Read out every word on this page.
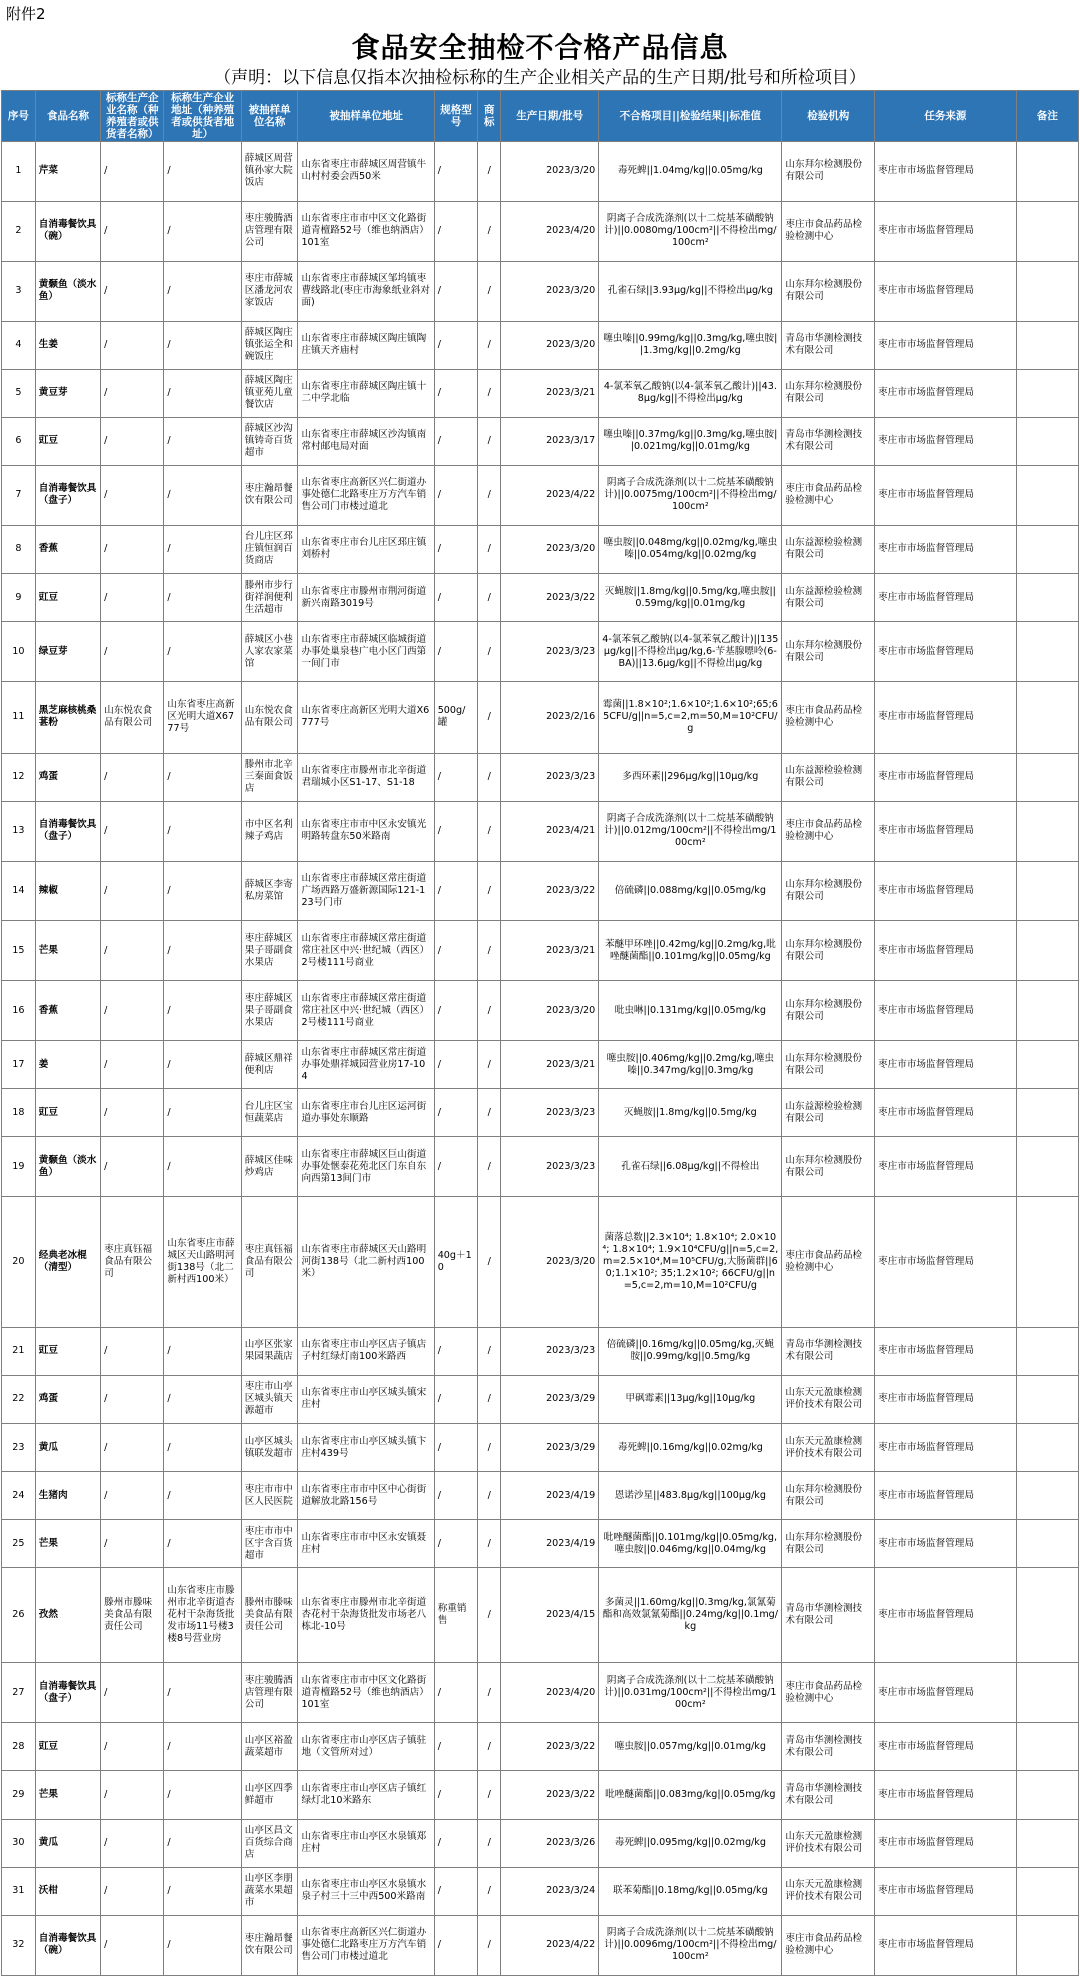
附件2
食品安全抽检不合格产品信息
（声明：以下信息仅指本次抽检标称的生产企业相关产品的生产日期/批号和所检项目）
序号	食品名称	标称生产企业名称（种养殖者或供货者名称）	标称生产企业地址（种养殖者或供货者地址）	被抽样单位名称	被抽样单位地址	规格型号	商标	生产日期/批号	不合格项目||检验结果||标准值	检验机构	任务来源	备注
1	芹菜	/	/	薛城区周营镇孙家大院饭店	山东省枣庄市薛城区周营镇牛山村村委会西50米	/	/	2023/3/20	毒死蜱||1.04mg/kg||0.05mg/kg	山东拜尔检测股份有限公司	枣庄市市场监督管理局	
2	自消毒餐饮具（碗）	/	/	枣庄骏腾酒店管理有限公司	山东省枣庄市市中区文化路街道青檀路52号（维也纳酒店）101室	/	/	2023/4/20	阴离子合成洗涤剂(以十二烷基苯磺酸钠计)||0.0080mg/100cm²||不得检出mg/100cm²	枣庄市食品药品检验检测中心	枣庄市市场监督管理局	
3	黄颡鱼（淡水鱼）	/	/	枣庄市薛城区潘龙河农家饭店	山东省枣庄市薛城区邹坞镇枣曹线路北(枣庄市海象纸业斜对面)	/	/	2023/3/20	孔雀石绿||3.93μg/kg||不得检出μg/kg	山东拜尔检测股份有限公司	枣庄市市场监督管理局	
4	生姜	/	/	薛城区陶庄镇张运全和碗饭庄	山东省枣庄市薛城区陶庄镇陶庄镇天齐庙村	/	/	2023/3/20	噻虫嗪||0.99mg/kg||0.3mg/kg,噻虫胺||1.3mg/kg||0.2mg/kg	青岛市华测检测技术有限公司	枣庄市市场监督管理局	
5	黄豆芽	/	/	薛城区陶庄镇亚苑儿童餐饮店	山东省枣庄市薛城区陶庄镇十二中学北临	/	/	2023/3/21	4-氯苯氧乙酸钠(以4-氯苯氧乙酸计)||43.8μg/kg||不得检出μg/kg	山东拜尔检测股份有限公司	枣庄市市场监督管理局	
6	豇豆	/	/	薛城区沙沟镇铸奇百货超市	山东省枣庄市薛城区沙沟镇南常村邮电局对面	/	/	2023/3/17	噻虫嗪||0.37mg/kg||0.3mg/kg,噻虫胺||0.021mg/kg||0.01mg/kg	青岛市华测检测技术有限公司	枣庄市市场监督管理局	
7	自消毒餐饮具（盘子）	/	/	枣庄瀚昂餐饮有限公司	山东省枣庄高新区兴仁街道办事处德仁北路枣庄万方汽车销售公司门市楼过道北	/	/	2023/4/22	阴离子合成洗涤剂(以十二烷基苯磺酸钠计)||0.0075mg/100cm²||不得检出mg/100cm²	枣庄市食品药品检验检测中心	枣庄市市场监督管理局	
8	香蕉	/	/	台儿庄区邳庄镇恒润百货商店	山东省枣庄市台儿庄区邳庄镇刘桥村	/	/	2023/3/20	噻虫胺||0.048mg/kg||0.02mg/kg,噻虫嗪||0.054mg/kg||0.02mg/kg	山东益源检验检测有限公司	枣庄市市场监督管理局	
9	豇豆	/	/	滕州市步行街祥润便利生活超市	山东省枣庄市滕州市荆河街道新兴南路3019号	/	/	2023/3/22	灭蝇胺||1.8mg/kg||0.5mg/kg,噻虫胺||0.59mg/kg||0.01mg/kg	山东益源检验检测有限公司	枣庄市市场监督管理局	
10	绿豆芽	/	/	薛城区小巷人家农家菜馆	山东省枣庄市薛城区临城街道办事处巢泉巷广电小区门西第一间门市	/	/	2023/3/23	4-氯苯氧乙酸钠(以4-氯苯氧乙酸计)||135μg/kg||不得检出μg/kg,6-苄基腺嘌呤(6-BA)||13.6μg/kg||不得检出μg/kg	山东拜尔检测股份有限公司	枣庄市市场监督管理局	
11	黑芝麻核桃桑葚粉	山东悦农食品有限公司	山东省枣庄高新区光明大道X6777号	山东悦农食品有限公司	山东省枣庄高新区光明大道X6777号	500g/罐	/	2023/2/16	霉菌||1.8×10²;1.6×10²;1.6×10²;65;65CFU/g||n=5,c=2,m=50,M=10²CFU/g	枣庄市食品药品检验检测中心	枣庄市市场监督管理局	
12	鸡蛋	/	/	滕州市北辛三秦面食饭店	山东省枣庄市滕州市北辛街道君瑞城小区S1-17、S1-18	/	/	2023/3/23	多西环素||296μg/kg||10μg/kg	山东益源检验检测有限公司	枣庄市市场监督管理局	
13	自消毒餐饮具（盘子）	/	/	市中区名利辣子鸡店	山东省枣庄市市中区永安镇光明路转盘东50米路南	/	/	2023/4/21	阴离子合成洗涤剂(以十二烷基苯磺酸钠计)||0.012mg/100cm²||不得检出mg/100cm²	枣庄市食品药品检验检测中心	枣庄市市场监督管理局	
14	辣椒	/	/	薛城区李寄私房菜馆	山东省枣庄市薛城区常庄街道广场西路万盛新源国际121-123号门市	/	/	2023/3/22	倍硫磷||0.088mg/kg||0.05mg/kg	山东拜尔检测股份有限公司	枣庄市市场监督管理局	
15	芒果	/	/	枣庄薛城区果子哥副食水果店	山东省枣庄市薛城区常庄街道常庄社区中兴·世纪城（西区）2号楼111号商业	/	/	2023/3/21	苯醚甲环唑||0.42mg/kg||0.2mg/kg,吡唑醚菌酯||0.101mg/kg||0.05mg/kg	山东拜尔检测股份有限公司	枣庄市市场监督管理局	
16	香蕉	/	/	枣庄薛城区果子哥副食水果店	山东省枣庄市薛城区常庄街道常庄社区中兴·世纪城（西区）2号楼111号商业	/	/	2023/3/20	吡虫啉||0.131mg/kg||0.05mg/kg	山东拜尔检测股份有限公司	枣庄市市场监督管理局	
17	姜	/	/	薛城区鼎祥便利店	山东省枣庄市薛城区常庄街道办事处鼎祥城园营业房17-104	/	/	2023/3/21	噻虫胺||0.406mg/kg||0.2mg/kg,噻虫嗪||0.347mg/kg||0.3mg/kg	山东拜尔检测股份有限公司	枣庄市市场监督管理局	
18	豇豆	/	/	台儿庄区宝恒蔬菜店	山东省枣庄市台儿庄区运河街道办事处东顺路	/	/	2023/3/23	灭蝇胺||1.8mg/kg||0.5mg/kg	山东益源检验检测有限公司	枣庄市市场监督管理局	
19	黄颡鱼（淡水鱼）	/	/	薛城区佳味炒鸡店	山东省枣庄市薛城区巨山街道办事处惬泰花苑北区门东自东向西第13间门市	/	/	2023/3/23	孔雀石绿||6.08μg/kg||不得检出	山东拜尔检测股份有限公司	枣庄市市场监督管理局	
20	经典老冰棍（清型）	枣庄真钰福食品有限公司	山东省枣庄市薛城区天山路明河街138号（北二新村西100米）	枣庄真钰福食品有限公司	山东省枣庄市薛城区天山路明河街138号（北二新村西100米）	40g＋10	/	2023/3/20	菌落总数||2.3×10⁴; 1.8×10⁴; 2.0×10⁴; 1.8×10⁴; 1.9×10⁴CFU/g||n=5,c=2,m=2.5×10⁴,M=10⁵CFU/g,大肠菌群||60;1.1×10²; 35;1.2×10²; 66CFU/g||n=5,c=2,m=10,M=10²CFU/g	枣庄市食品药品检验检测中心	枣庄市市场监督管理局	
21	豇豆	/	/	山亭区张家果园果蔬店	山东省枣庄市山亭区店子镇店子村红绿灯南100米路西	/	/	2023/3/23	倍硫磷||0.16mg/kg||0.05mg/kg,灭蝇胺||0.99mg/kg||0.5mg/kg	青岛市华测检测技术有限公司	枣庄市市场监督管理局	
22	鸡蛋	/	/	枣庄市山亭区城头镇天源超市	山东省枣庄市山亭区城头镇宋庄村	/	/	2023/3/29	甲砜霉素||13μg/kg||10μg/kg	山东天元盈康检测评价技术有限公司	枣庄市市场监督管理局	
23	黄瓜	/	/	山亭区城头镇联发超市	山东省枣庄市山亭区城头镇卞庄村439号	/	/	2023/3/29	毒死蜱||0.16mg/kg||0.02mg/kg	山东天元盈康检测评价技术有限公司	枣庄市市场监督管理局	
24	生猪肉	/	/	枣庄市市中区人民医院	山东省枣庄市市中区中心街街道解放北路156号	/	/	2023/4/19	恩诺沙星||483.8μg/kg||100μg/kg	山东拜尔检测股份有限公司	枣庄市市场监督管理局	
25	芒果	/	/	枣庄市市中区宇含百货超市	山东省枣庄市市中区永安镇聂庄村	/	/	2023/4/19	吡唑醚菌酯||0.101mg/kg||0.05mg/kg,噻虫胺||0.046mg/kg||0.04mg/kg	山东拜尔检测股份有限公司	枣庄市市场监督管理局	
26	孜然	滕州市滕味美食品有限责任公司	山东省枣庄市滕州市北辛街道杏花村干杂海货批发市场11号楼3楼8号营业房	滕州市滕味美食品有限责任公司	山东省枣庄市滕州市北辛街道杏花村干杂海货批发市场老八栋北-10号	称重销售	/	2023/4/15	多菌灵||1.60mg/kg||0.3mg/kg,氯氰菊酯和高效氯氰菊酯||0.24mg/kg||0.1mg/kg	青岛市华测检测技术有限公司	枣庄市市场监督管理局	
27	自消毒餐饮具（盘子）	/	/	枣庄骏腾酒店管理有限公司	山东省枣庄市市中区文化路街道青檀路52号（维也纳酒店）101室	/	/	2023/4/20	阴离子合成洗涤剂(以十二烷基苯磺酸钠计)||0.031mg/100cm²||不得检出mg/100cm²	枣庄市食品药品检验检测中心	枣庄市市场监督管理局	
28	豇豆	/	/	山亭区裕盈蔬菜超市	山东省枣庄市山亭区店子镇驻地（文管所对过）	/	/	2023/3/22	噻虫胺||0.057mg/kg||0.01mg/kg	青岛市华测检测技术有限公司	枣庄市市场监督管理局	
29	芒果	/	/	山亭区四季鲜超市	山东省枣庄市山亭区店子镇红绿灯北10米路东	/	/	2023/3/22	吡唑醚菌酯||0.083mg/kg||0.05mg/kg	青岛市华测检测技术有限公司	枣庄市市场监督管理局	
30	黄瓜	/	/	山亭区昌文百货综合商店	山东省枣庄市山亭区水泉镇郑庄村	/	/	2023/3/26	毒死蜱||0.095mg/kg||0.02mg/kg	山东天元盈康检测评价技术有限公司	枣庄市市场监督管理局	
31	沃柑	/	/	山亭区李朋蔬菜水果超市	山东省枣庄市山亭区水泉镇水泉子村三十三中西500米路南	/	/	2023/3/24	联苯菊酯||0.18mg/kg||0.05mg/kg	山东天元盈康检测评价技术有限公司	枣庄市市场监督管理局	
32	自消毒餐饮具（碗）	/	/	枣庄瀚昂餐饮有限公司	山东省枣庄高新区兴仁街道办事处德仁北路枣庄万方汽车销售公司门市楼过道北	/	/	2023/4/22	阴离子合成洗涤剂(以十二烷基苯磺酸钠计)||0.0096mg/100cm²||不得检出mg/100cm²	枣庄市食品药品检验检测中心	枣庄市市场监督管理局	
